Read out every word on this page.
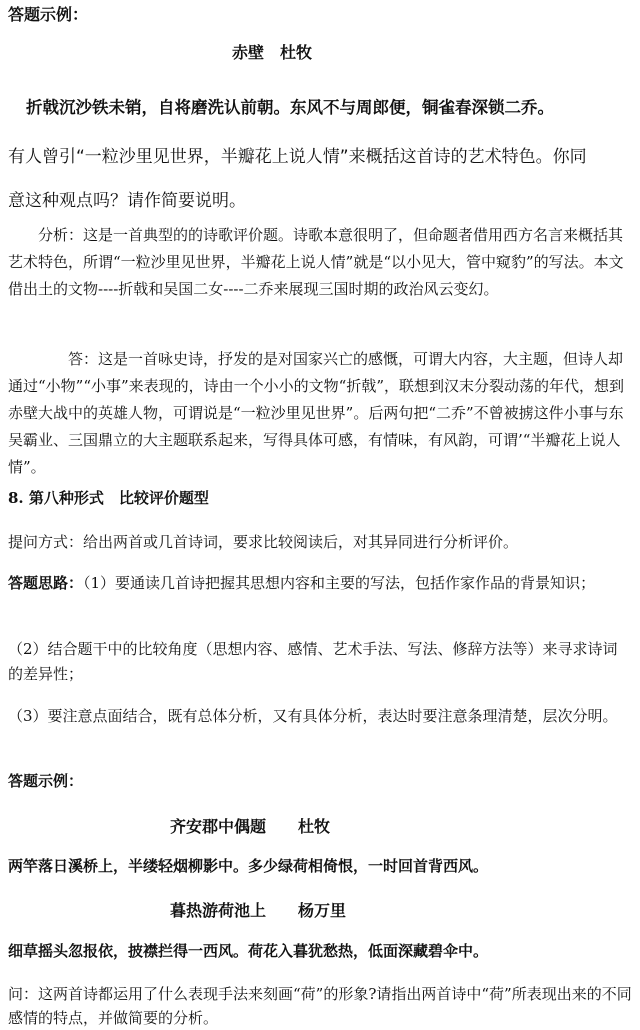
答题示例：
赤壁　杜牧
折戟沉沙铁未销，自将磨洗认前朝。东风不与周郎便，铜雀春深锁二乔。
有人曾引“一粒沙里见世界，半瓣花上说人情”来概括这首诗的艺术特色。你同
意这种观点吗？请作简要说明。
分析：这是一首典型的的诗歌评价题。诗歌本意很明了，但命题者借用西方名言来概括其艺术特色，所谓“一粒沙里见世界，半瓣花上说人情”就是“以小见大，管中窥豹”的写法。本文借出土的文物----折戟和吴国二女----二乔来展现三国时期的政治风云变幻。
答：这是一首咏史诗，抒发的是对国家兴亡的感慨，可谓大内容，大主题，但诗人却通过“小物”“小事”来表现的，诗由一个小小的文物“折戟”，联想到汉末分裂动荡的年代，想到赤壁大战中的英雄人物，可谓说是“一粒沙里见世界”。后两句把“二乔”不曾被掳这件小事与东吴霸业、三国鼎立的大主题联系起来，写得具体可感，有情味，有风韵，可谓’“半瓣花上说人情”。
8. 第八种形式　比较评价题型
提问方式：给出两首或几首诗词，要求比较阅读后，对其异同进行分析评价。
答题思路：（1）要通读几首诗把握其思想内容和主要的写法，包括作家作品的背景知识；
（2）结合题干中的比较角度（思想内容、感情、艺术手法、写法、修辞方法等）来寻求诗词的差异性；
（3）要注意点面结合，既有总体分析，又有具体分析，表达时要注意条理清楚，层次分明。
答题示例：
齐安郡中偶题　　杜牧
两竿落日溪桥上，半缕轻烟柳影中。多少绿荷相倚恨，一时回首背西风。
暮热游荷池上　　杨万里
细草摇头忽报依，披襟拦得一西风。荷花入暮犹愁热，低面深藏碧伞中。
问：这两首诗都运用了什么表现手法来刻画“荷”的形象?请指出两首诗中“荷”所表现出来的不同感情的特点，并做简要的分析。
